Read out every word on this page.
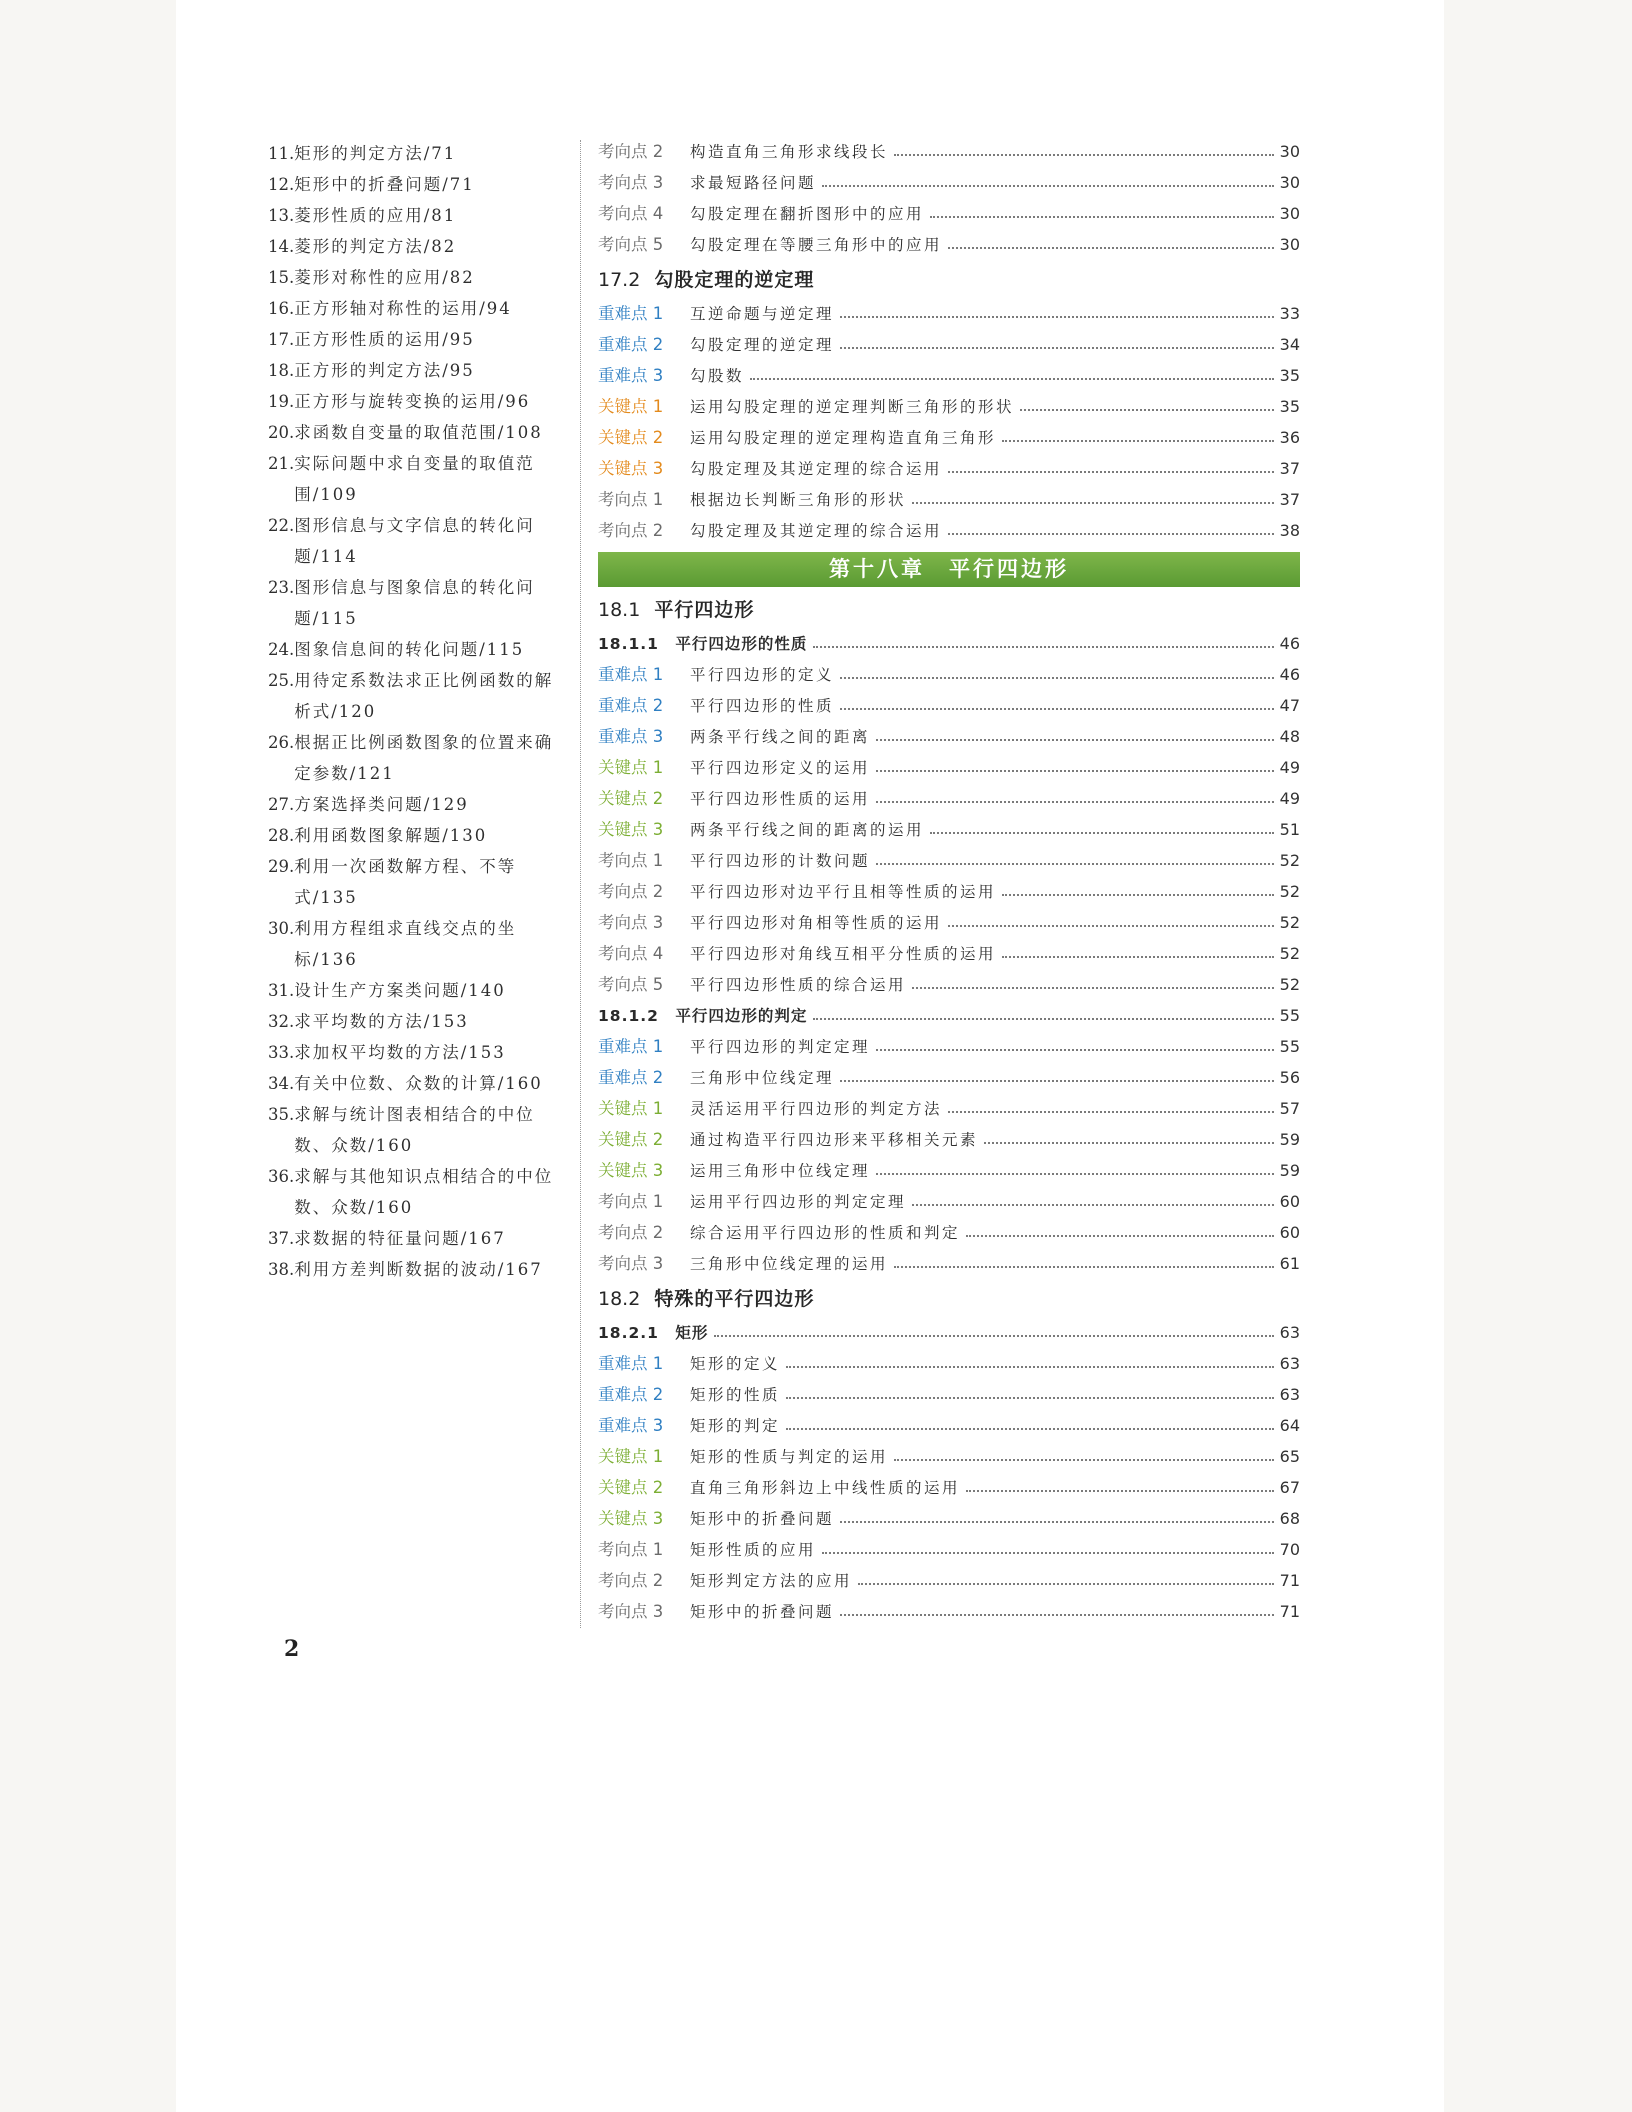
11. 矩形的判定方法/71
12. 矩形中的折叠问题/71
13. 菱形性质的应用/81
14. 菱形的判定方法/82
15. 菱形对称性的应用/82
16. 正方形轴对称性的运用/94
17. 正方形性质的运用/95
18. 正方形的判定方法/95
19. 正方形与旋转变换的运用/96
20. 求函数自变量的取值范围/108
21. 实际问题中求自变量的取值范围/109
22. 图形信息与文字信息的转化问题/114
23. 图形信息与图象信息的转化问题/115
24. 图象信息间的转化问题/115
25. 用待定系数法求正比例函数的解析式/120
26. 根据正比例函数图象的位置来确定参数/121
27. 方案选择类问题/129
28. 利用函数图象解题/130
29. 利用一次函数解方程、不等式/135
30. 利用方程组求直线交点的坐标/136
31. 设计生产方案类问题/140
32. 求平均数的方法/153
33. 求加权平均数的方法/153
34. 有关中位数、众数的计算/160
35. 求解与统计图表相结合的中位数、众数/160
36. 求解与其他知识点相结合的中位数、众数/160
37. 求数据的特征量问题/167
38. 利用方差判断数据的波动/167
考向点 2	构造直角三角形求线段长	30
考向点 3	求最短路径问题	30
考向点 4	勾股定理在翻折图形中的应用	30
考向点 5	勾股定理在等腰三角形中的应用	30
17.2 勾股定理的逆定理
重难点 1	互逆命题与逆定理	33
重难点 2	勾股定理的逆定理	34
重难点 3	勾股数	35
关键点 1	运用勾股定理的逆定理判断三角形的形状	35
关键点 2	运用勾股定理的逆定理构造直角三角形	36
关键点 3	勾股定理及其逆定理的综合运用	37
考向点 1	根据边长判断三角形的形状	37
考向点 2	勾股定理及其逆定理的综合运用	38
第十八章　平行四边形
18.1 平行四边形
18.1.1　平行四边形的性质	46
重难点 1	平行四边形的定义	46
重难点 2	平行四边形的性质	47
重难点 3	两条平行线之间的距离	48
关键点 1	平行四边形定义的运用	49
关键点 2	平行四边形性质的运用	49
关键点 3	两条平行线之间的距离的运用	51
考向点 1	平行四边形的计数问题	52
考向点 2	平行四边形对边平行且相等性质的运用	52
考向点 3	平行四边形对角相等性质的运用	52
考向点 4	平行四边形对角线互相平分性质的运用	52
考向点 5	平行四边形性质的综合运用	52
18.1.2　平行四边形的判定	55
重难点 1	平行四边形的判定定理	55
重难点 2	三角形中位线定理	56
关键点 1	灵活运用平行四边形的判定方法	57
关键点 2	通过构造平行四边形来平移相关元素	59
关键点 3	运用三角形中位线定理	59
考向点 1	运用平行四边形的判定定理	60
考向点 2	综合运用平行四边形的性质和判定	60
考向点 3	三角形中位线定理的运用	61
18.2 特殊的平行四边形
18.2.1　矩形	63
重难点 1	矩形的定义	63
重难点 2	矩形的性质	63
重难点 3	矩形的判定	64
关键点 1	矩形的性质与判定的运用	65
关键点 2	直角三角形斜边上中线性质的运用	67
关键点 3	矩形中的折叠问题	68
考向点 1	矩形性质的应用	70
考向点 2	矩形判定方法的应用	71
考向点 3	矩形中的折叠问题	71
2
